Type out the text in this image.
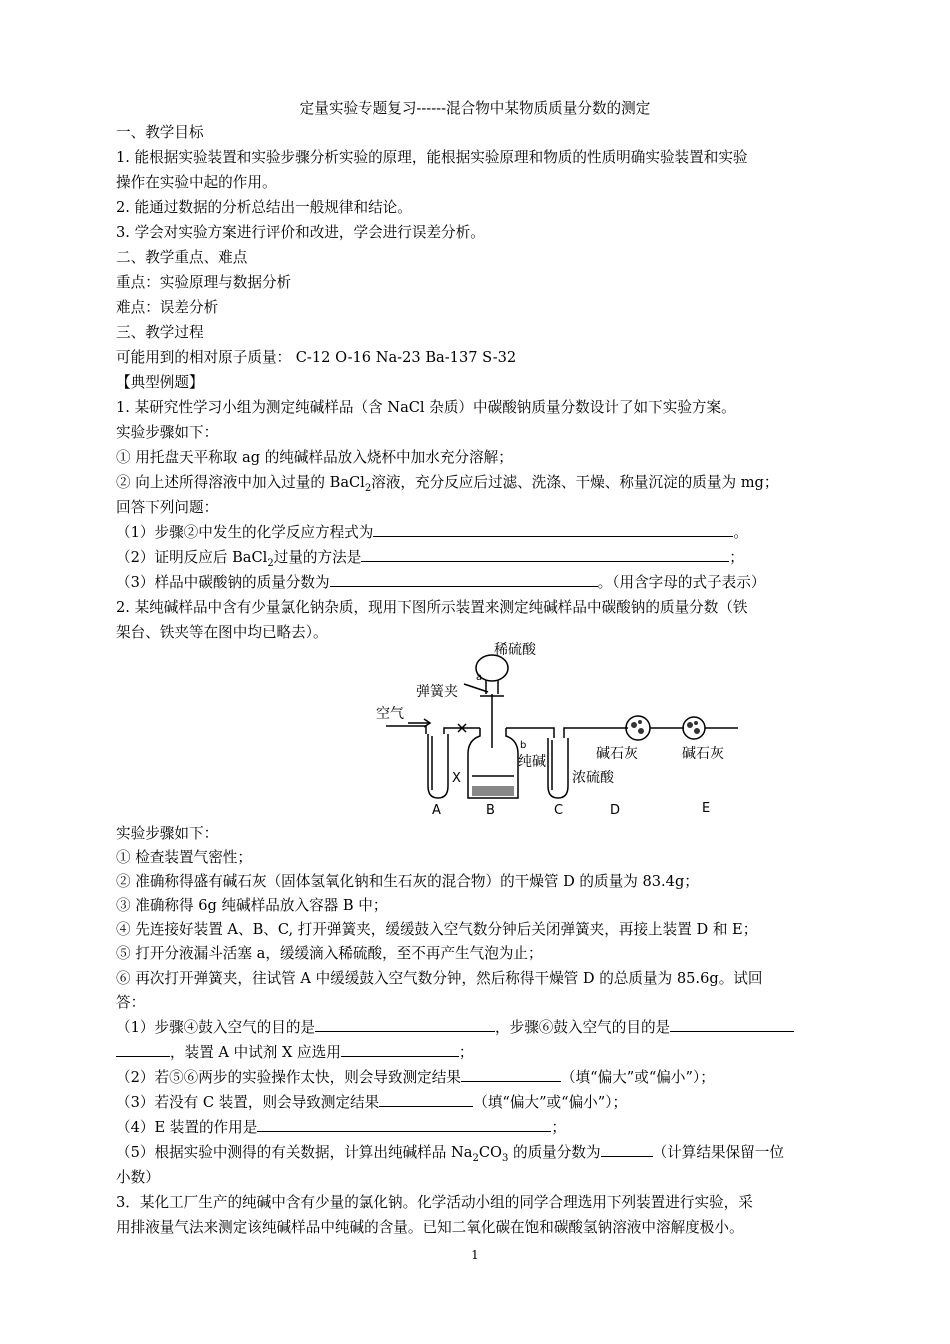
定量实验专题复习------混合物中某物质质量分数的测定
一、教学目标
1. 能根据实验装置和实验步骤分析实验的原理，能根据实验原理和物质的性质明确实验装置和实验
操作在实验中起的作用。
2. 能通过数据的分析总结出一般规律和结论。
3. 学会对实验方案进行评价和改进，学会进行误差分析。
二、教学重点、难点
重点：实验原理与数据分析
难点：误差分析
三、教学过程
可能用到的相对原子质量： C-12 O-16 Na-23 Ba-137 S-32
【典型例题】
1. 某研究性学习小组为测定纯碱样品（含 NaCl 杂质）中碳酸钠质量分数设计了如下实验方案。
实验步骤如下：
① 用托盘天平称取 ag 的纯碱样品放入烧杯中加水充分溶解；
② 向上述所得溶液中加入过量的 BaCl$_2$溶液，充分反应后过滤、洗涤、干燥、称量沉淀的质量为 mg；
回答下列问题：
（1）步骤②中发生的化学反应方程式为	。
（2）证明反应后 BaCl$_2$过量的方法是	；
（3）样品中碳酸钠的质量分数为	。（用含字母的式子表示）
2. 某纯碱样品中含有少量氯化钠杂质，现用下图所示装置来测定纯碱样品中碳酸钠的质量分数（铁
架台、铁夹等在图中均已略去）。
稀硫酸
a
弹簧夹
空气
b
纯碱
X	浓硫酸
碱石灰	碱石灰
A	B	C	D	E
实验步骤如下：
① 检查装置气密性；
② 准确称得盛有碱石灰（固体氢氧化钠和生石灰的混合物）的干燥管 D 的质量为 83.4g；
③ 准确称得 6g 纯碱样品放入容器 B 中；
④ 先连接好装置 A、B、C, 打开弹簧夹，缓缓鼓入空气数分钟后关闭弹簧夹，再接上装置 D 和 E；
⑤ 打开分液漏斗活塞 a，缓缓滴入稀硫酸，至不再产生气泡为止；
⑥ 再次打开弹簧夹，往试管 A 中缓缓鼓入空气数分钟，然后称得干燥管 D 的总质量为 85.6g。试回
答：
（1）步骤④鼓入空气的目的是	，步骤⑥鼓入空气的目的是
，装置 A 中试剂 X 应选用	；
（2）若⑤⑥两步的实验操作太快，则会导致测定结果	（填“偏大”或“偏小”）；
（3）若没有 C 装置，则会导致测定结果	（填“偏大”或“偏小”）；
（4）E 装置的作用是	；
（5）根据实验中测得的有关数据，计算出纯碱样品 $Na_2CO_3$ 的质量分数为	（计算结果保留一位
小数）
3．某化工厂生产的纯碱中含有少量的氯化钠。化学活动小组的同学合理选用下列装置进行实验，采
用排液量气法来测定该纯碱样品中纯碱的含量。已知二氧化碳在饱和碳酸氢钠溶液中溶解度极小。
1
